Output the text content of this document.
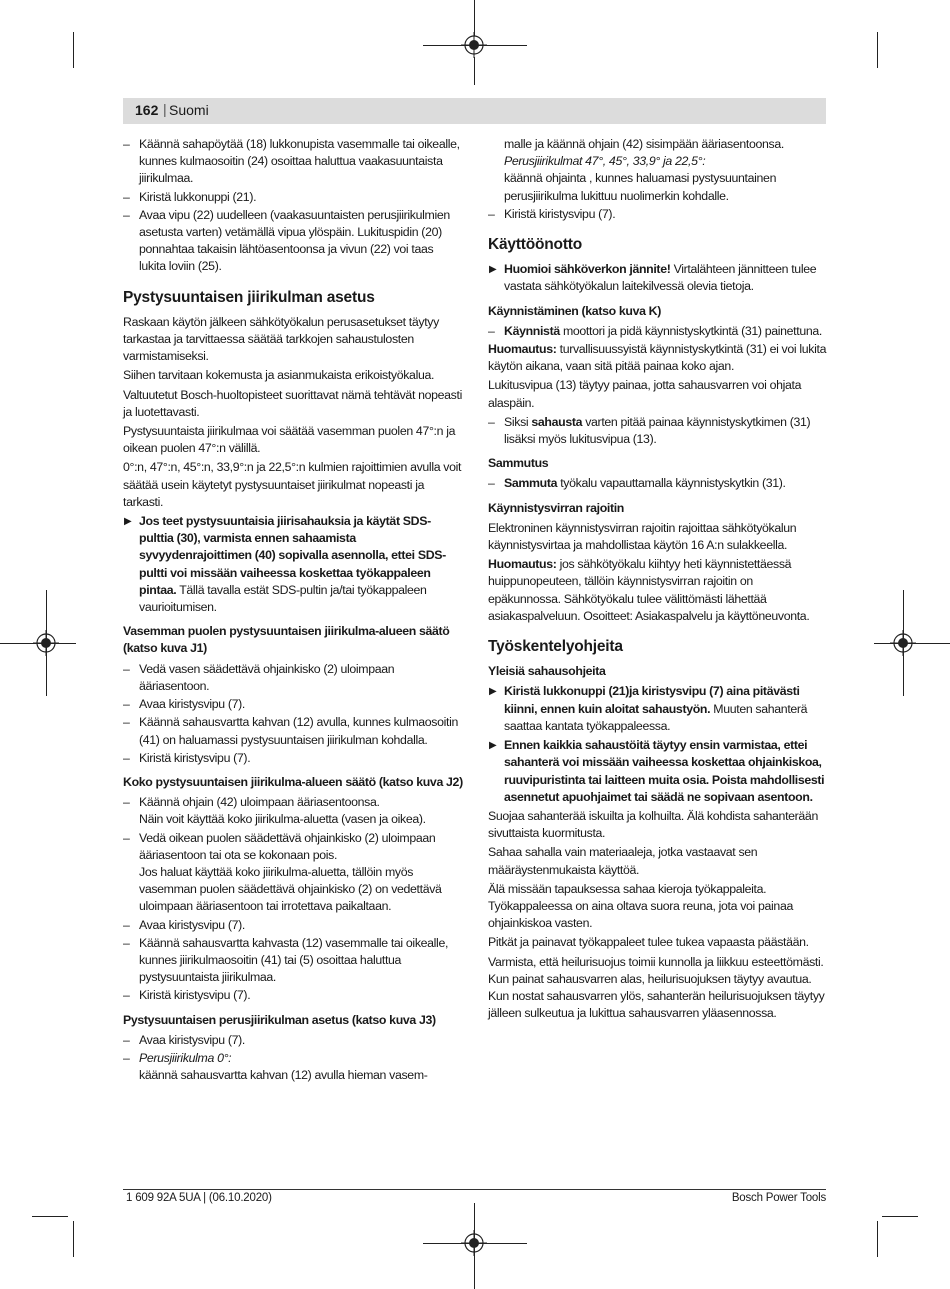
162 | Suomi
– Käännä sahapöytää (18) lukkonupista vasemmalle tai oikealle, kunnes kulmaosoitin (24) osoittaa haluttua vaakasuuntaista jiirikulmaa.
– Kiristä lukkonuppi (21).
– Avaa vipu (22) uudelleen (vaakasuuntaisten perusjiirikulmien asetusta varten) vetämällä vipua ylöspäin. Lukituspidin (20) ponnahtaa takaisin lähtöasentoonsa ja vivun (22) voi taas lukita loviin (25).
Pystysuuntaisen jiirikulman asetus

Raskaan käytön jälkeen sähkötyökalun perusasetukset täytyy tarkastaa ja tarvittaessa säätää tarkkojen sahaustulosten varmistamiseksi.

Siihen tarvitaan kokemusta ja asianmukaista erikoistyökalua.

Valtuutetut Bosch-huoltopisteet suorittavat nämä tehtävät nopeasti ja luotettavasti.

Pystysuuntaista jiirikulmaa voi säätää vasemman puolen 47°:n ja oikean puolen 47°:n välillä.

0°:n, 47°:n, 45°:n, 33,9°:n ja 22,5°:n kulmien rajoittimien avulla voit säätää usein käytetyt pystysuuntaiset jiirikulmat nopeasti ja tarkasti.

▶ Jos teet pystysuuntaisia jiirisahauksia ja käytät SDS-pulttia (30), varmista ennen sahaamista syvyydenrajoittimen (40) sopivalla asennolla, ettei SDS-pultti voi missään vaiheessa koskettaa työkappaleen pintaa. Tällä tavalla estät SDS-pultin ja/tai työkappaleen vaurioitumisen.
Vasemman puolen pystysuuntaisen jiirikulma-alueen säätö (katso kuva J1)
– Vedä vasen säädettävä ohjainkisko (2) uloimpaan ääriasentoon.
– Avaa kiristysvipu (7).
– Käännä sahausvartta kahvan (12) avulla, kunnes kulmaosoitin (41) on haluamassi pystysuuntaisen jiirikulman kohdalla.
– Kiristä kiristysvipu (7).
Koko pystysuuntaisen jiirikulma-alueen säätö (katso kuva J2)
– Käännä ohjain (42) uloimpaan ääriasentoonsa.
Näin voit käyttää koko jiirikulma-aluetta (vasen ja oikea).
– Vedä oikean puolen säädettävä ohjainkisko (2) uloimpaan ääriasentoon tai ota se kokonaan pois.
Jos haluat käyttää koko jiirikulma-aluetta, tällöin myös vasemman puolen säädettävä ohjainkisko (2) on vedettävä uloimpaan ääriasentoon tai irrotettava paikaltaan.
– Avaa kiristysvipu (7).
– Käännä sahausvartta kahvasta (12) vasemmalle tai oikealle, kunnes jiirikulmaosoitin (41) tai (5) osoittaa haluttua pystysuuntaista jiirikulmaa.
– Kiristä kiristysvipu (7).
Pystysuuntaisen perusjiirikulman asetus (katso kuva J3)
– Avaa kiristysvipu (7).
– Perusjiirikulma 0°:
käännä sahausvartta kahvan (12) avulla hieman vasem-
malle ja käännä ohjain (42) sisimpään ääriasentoonsa.
Perusjiirikulmat 47°, 45°, 33,9° ja 22,5°:
käännä ohjainta , kunnes haluamasi pystysuuntainen perusjiirikulma lukittuu nuolimerkin kohdalle.
– Kiristä kiristysvipu (7).
Käyttöönotto
▶ Huomioi sähköverkon jännite! Virtalähteen jännitteen tulee vastata sähkötyökalun laitekilvessä olevia tietoja.
Käynnistäminen (katso kuva K)
– Käynnistä moottori ja pidä käynnistyskytkintä (31) painettuna.

Huomautus: turvallisuussyistä käynnistyskytkintä (31) ei voi lukita käytön aikana, vaan sitä pitää painaa koko ajan.

Lukitusvipua (13) täytyy painaa, jotta sahausvarren voi ohjata alaspäin.

– Siksi sahausta varten pitää painaa käynnistyskytkimen (31) lisäksi myös lukitusvipua (13).
Sammutus
– Sammuta työkalu vapauttamalla käynnistyskytkin (31).
Käynnistysvirran rajoitin

Elektroninen käynnistysvirran rajoitin rajoittaa sähkötyökalun käynnistysvirtaa ja mahdollistaa käytön 16 A:n sulakkeella.

Huomautus: jos sähkötyökalu kiihtyy heti käynnistettäessä huippunopeuteen, tällöin käynnistysvirran rajoitin on epäkunnossa. Sähkötyökalu tulee välittömästi lähettää asiakaspalveluun. Osoitteet: Asiakaspalvelu ja käyttöneuvonta.

Työskentelyohjeita
Yleisiä sahausohjeita
▶ Kiristä lukkonuppi (21)ja kiristysvipu (7) aina pitävästi kiinni, ennen kuin aloitat sahaustyön. Muuten sahanterä saattaa kantata työkappaleessa.
▶ Ennen kaikkia sahaustöitä täytyy ensin varmistaa, ettei sahanterä voi missään vaiheessa koskettaa ohjainkiskoa, ruuvipuristinta tai laitteen muita osia. Poista mahdollisesti asennetut apuohjaimet tai säädä ne sopivaan asentoon.

Suojaa sahanterää iskuilta ja kolhuilta. Älä kohdista sahanterään sivuttaista kuormitusta.

Sahaa sahalla vain materiaaleja, jotka vastaavat sen määräystenmukaista käyttöä.

Älä missään tapauksessa sahaa kieroja työkappaleita. Työkappaleessa on aina oltava suora reuna, jota voi painaa ohjainkiskoa vasten.

Pitkät ja painavat työkappaleet tulee tukea vapaasta päästään.

Varmista, että heilurisuojus toimii kunnolla ja liikkuu esteettömästi. Kun painat sahausvarren alas, heilurisuojuksen täytyy avautua. Kun nostat sahausvarren ylös, sahanterän heilurisuojuksen täytyy jälleen sulkeutua ja lukittua sahausvarren yläasennossa.

1 609 92A 5UA | (06.10.2020)	Bosch Power Tools
